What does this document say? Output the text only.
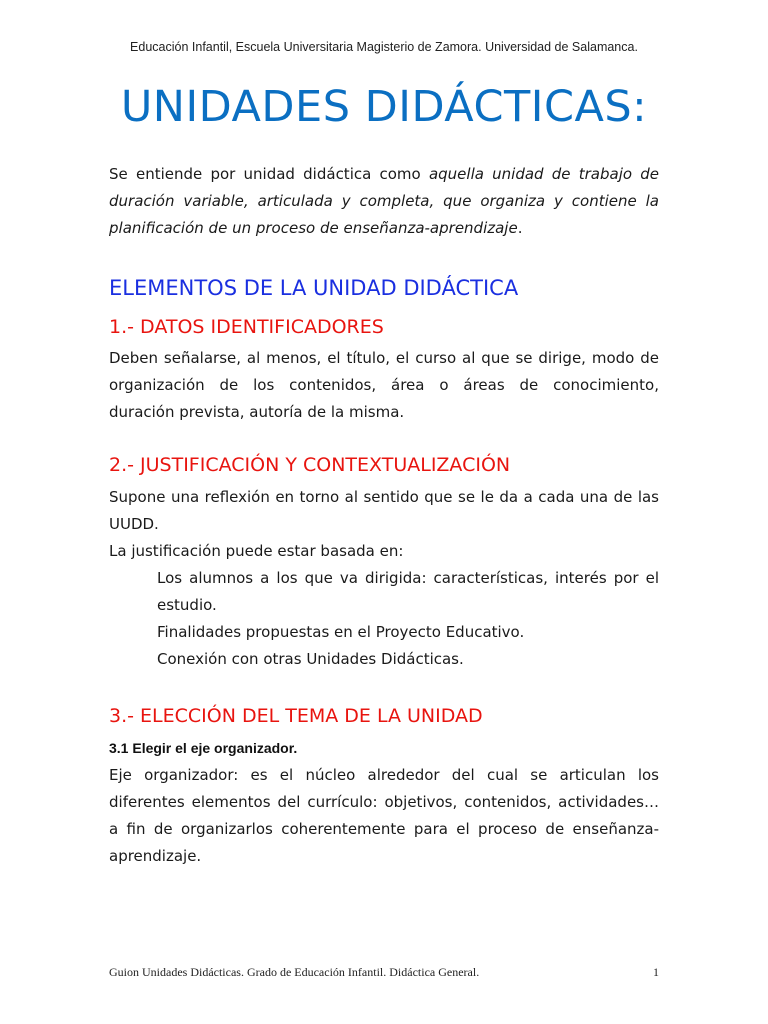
Educación Infantil, Escuela Universitaria Magisterio de Zamora. Universidad de Salamanca.
UNIDADES DIDÁCTICAS:
Se entiende por unidad didáctica como aquella unidad de trabajo de
duración variable, articulada y completa, que organiza y contiene la
planificación de un proceso de enseñanza-aprendizaje.
ELEMENTOS DE LA UNIDAD DIDÁCTICA
1.- DATOS IDENTIFICADORES
Deben señalarse, al menos, el título, el curso al que se dirige, modo de
organización de los contenidos, área o áreas de conocimiento,
duración prevista, autoría de la misma.
2.- JUSTIFICACIÓN Y CONTEXTUALIZACIÓN
Supone una reflexión en torno al sentido que se le da a cada una de las
UUDD.
La justificación puede estar basada en:
Los alumnos a los que va dirigida: características, interés por el
estudio.
Finalidades propuestas en el Proyecto Educativo.
Conexión con otras Unidades Didácticas.
3.- ELECCIÓN DEL TEMA DE LA UNIDAD
3.1 Elegir el eje organizador.
Eje organizador: es el núcleo alrededor del cual se articulan los
diferentes elementos del currículo: objetivos, contenidos, actividades…
a fin de organizarlos coherentemente para el proceso de enseñanza-
aprendizaje.
Guion Unidades Didácticas. Grado de Educación Infantil. Didáctica General.	1
